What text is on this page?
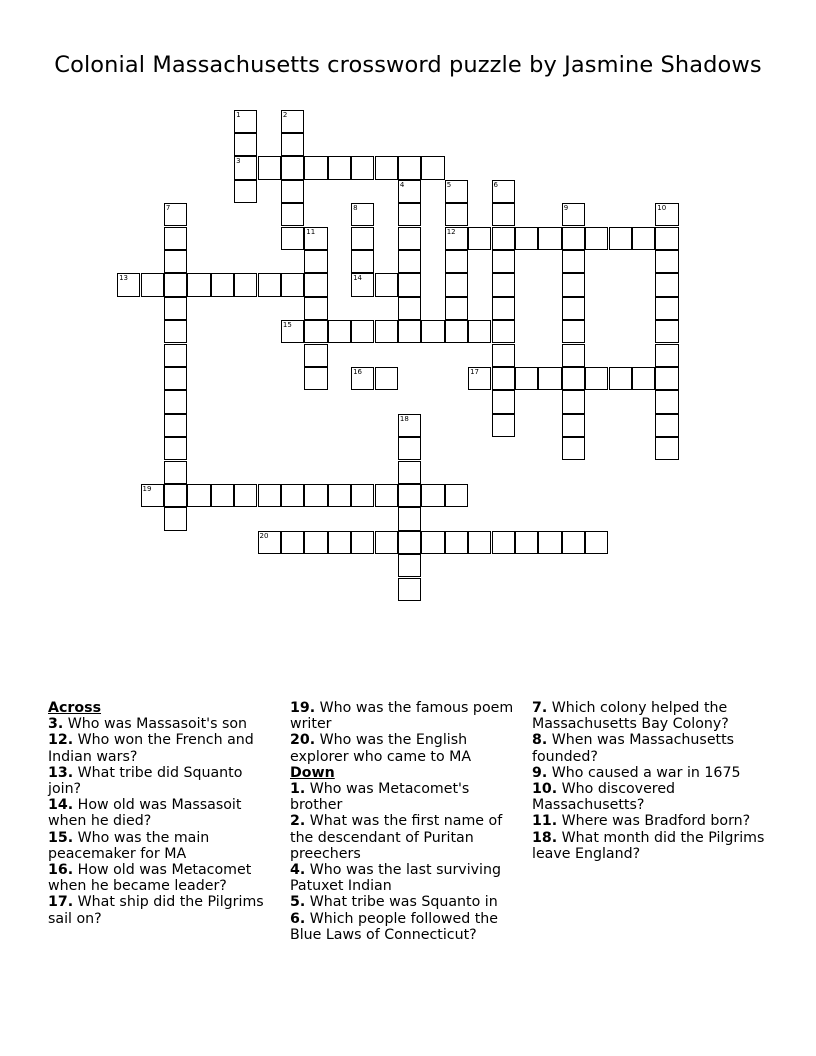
Colonial Massachusetts crossword puzzle by Jasmine Shadows
1
3
2
4	5
12
6
7	8
14
9	10
11
13
15
16	17
18
19
20
Across
3. Who was Massasoit's son
12. Who won the French and Indian wars?
13. What tribe did Squanto join?
14. How old was Massasoit when he died?
15. Who was the main peacemaker for MA
16. How old was Metacomet when he became leader?
17. What ship did the Pilgrims sail on?
19. Who was the famous poem writer
20. Who was the English explorer who came to MA
Down
1. Who was Metacomet's brother
2. What was the first name of the descendant of Puritan preechers
4. Who was the last surviving Patuxet Indian
5. What tribe was Squanto in
6. Which people followed the Blue Laws of Connecticut?
7. Which colony helped the Massachusetts Bay Colony?
8. When was Massachusetts founded?
9. Who caused a war in 1675
10. Who discovered Massachusetts?
11. Where was Bradford born?
18. What month did the Pilgrims leave England?
